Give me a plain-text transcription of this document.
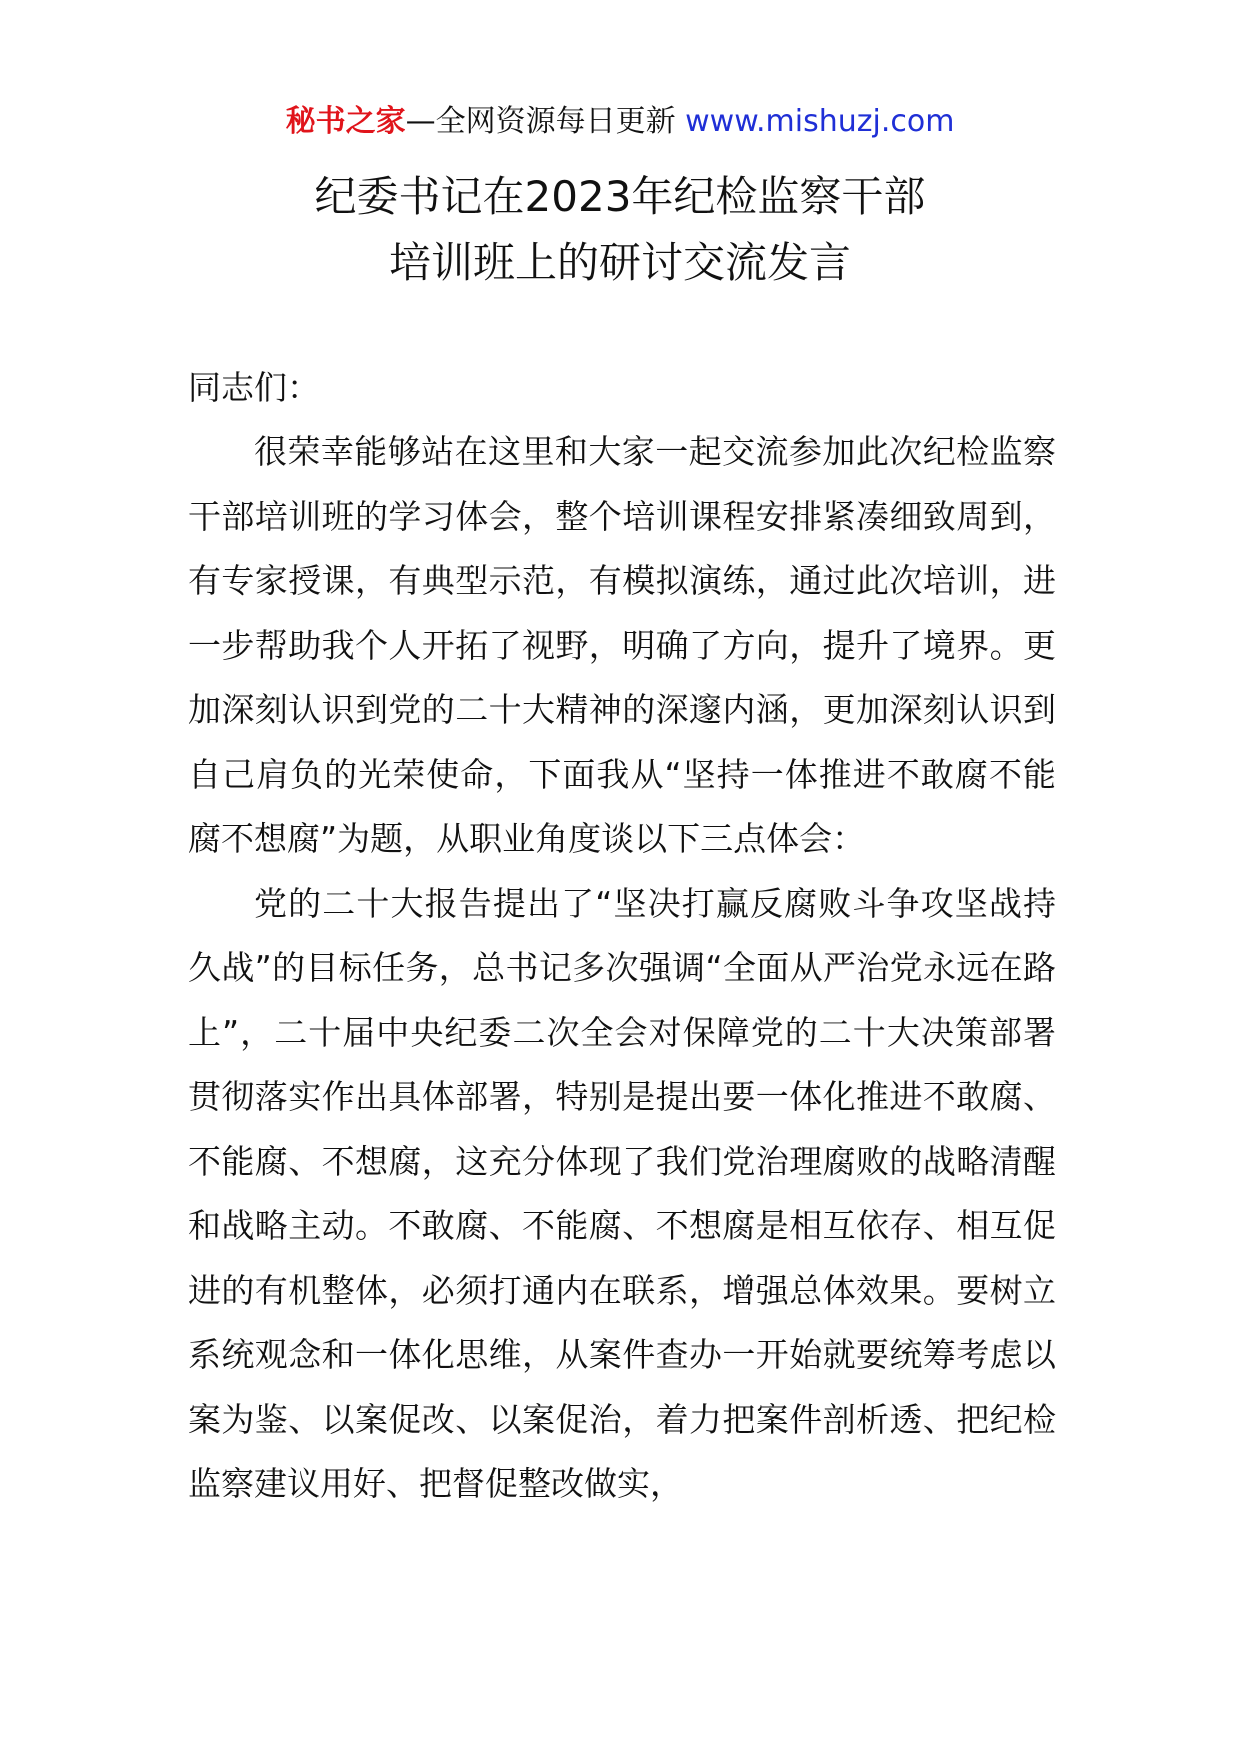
秘书之家—全网资源每日更新 www.mishuzj.com
纪委书记在2023年纪检监察干部
培训班上的研讨交流发言

同志们：

很荣幸能够站在这里和大家一起交流参加此次纪检监察干部培训班的学习体会，整个培训课程安排紧凑细致周到，有专家授课，有典型示范，有模拟演练，通过此次培训，进一步帮助我个人开拓了视野，明确了方向，提升了境界。更加深刻认识到党的二十大精神的深邃内涵，更加深刻认识到自己肩负的光荣使命，下面我从“坚持一体推进不敢腐不能腐不想腐”为题，从职业角度谈以下三点体会：

党的二十大报告提出了“坚决打赢反腐败斗争攻坚战持久战”的目标任务，总书记多次强调“全面从严治党永远在路上”，二十届中央纪委二次全会对保障党的二十大决策部署贯彻落实作出具体部署，特别是提出要一体化推进不敢腐、不能腐、不想腐，这充分体现了我们党治理腐败的战略清醒和战略主动。不敢腐、不能腐、不想腐是相互依存、相互促进的有机整体，必须打通内在联系，增强总体效果。要树立系统观念和一体化思维，从案件查办一开始就要统筹考虑以案为鉴、以案促改、以案促治，着力把案件剖析透、把纪检监察建议用好、把督促整改做实，
